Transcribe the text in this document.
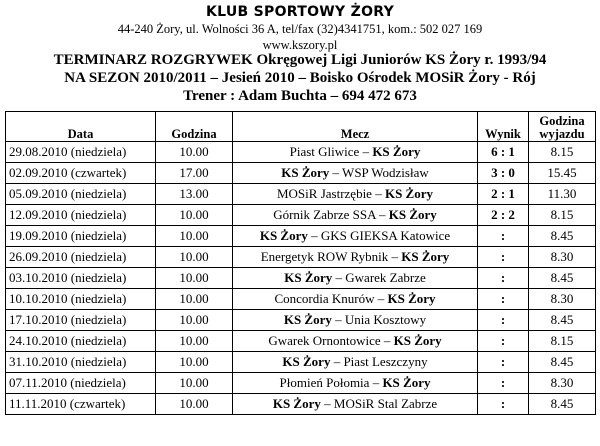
KLUB SPORTOWY ŻORY
44-240 Żory, ul. Wolności 36 A, tel/fax (32)4341751, kom.: 502 027 169
www.kszory.pl
TERMINARZ ROZGRYWEK Okręgowej Ligi Juniorów KS Żory r. 1993/94
NA SEZON 2010/2011 – Jesień 2010 – Boisko Ośrodek MOSiR Żory - Rój
Trener : Adam Buchta – 694 472 673
Data	Godzina	Mecz	Wynik	Godzina wyjazdu
29.08.2010 (niedziela)	10.00	Piast Gliwice – KS Żory	6 : 1	8.15
02.09.2010 (czwartek)	17.00	KS Żory – WSP Wodzisław	3 : 0	15.45
05.09.2010 (niedziela)	13.00	MOSiR Jastrzębie – KS Żory	2 : 1	11.30
12.09.2010 (niedziela)	10.00	Górnik Zabrze SSA – KS Żory	2 : 2	8.15
19.09.2010 (niedziela)	10.00	KS Żory – GKS GIEKSA Katowice	:	8.45
26.09.2010 (niedziela)	10.00	Energetyk ROW Rybnik – KS Żory	:	8.30
03.10.2010 (niedziela)	10.00	KS Żory – Gwarek Zabrze	:	8.45
10.10.2010 (niedziela)	10.00	Concordia Knurów – KS Żory	:	8.30
17.10.2010 (niedziela)	10.00	KS Żory – Unia Kosztowy	:	8.45
24.10.2010 (niedziela)	10.00	Gwarek Ornontowice – KS Żory	:	8.15
31.10.2010 (niedziela)	10.00	KS Żory – Piast Leszczyny	:	8.45
07.11.2010 (niedziela)	10.00	Płomień Połomia – KS Żory	:	8.30
11.11.2010 (czwartek)	10.00	KS Żory – MOSiR Stal Zabrze	:	8.45
